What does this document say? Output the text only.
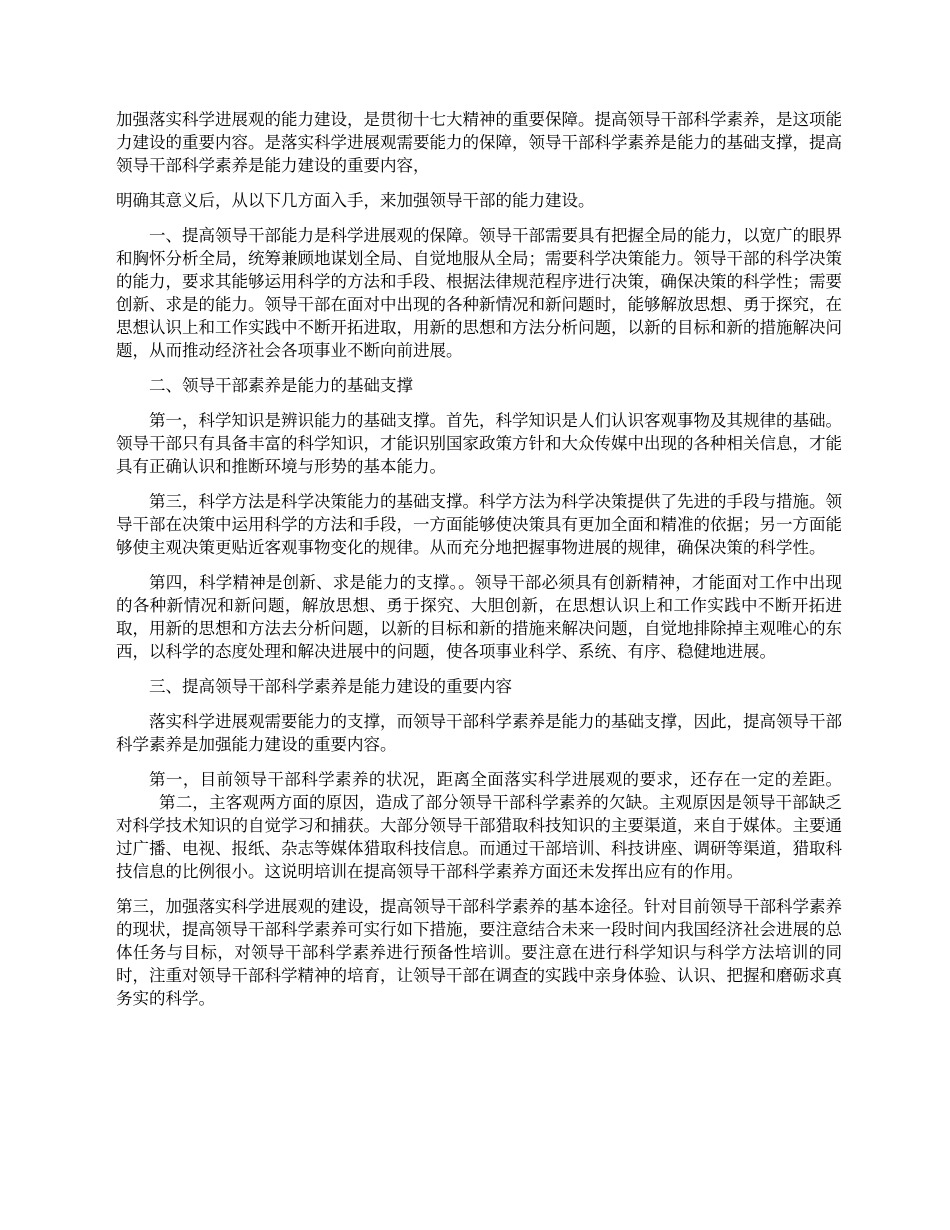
加强落实科学进展观的能力建设，是贯彻十七大精神的重要保障。提高领导干部科学素养，是这项能力建设的重要内容。是落实科学进展观需要能力的保障，领导干部科学素养是能力的基础支撑，提高领导干部科学素养是能力建设的重要内容，

明确其意义后，从以下几方面入手，来加强领导干部的能力建设。

一、提高领导干部能力是科学进展观的保障。领导干部需要具有把握全局的能力，以宽广的眼界和胸怀分析全局，统筹兼顾地谋划全局、自觉地服从全局；需要科学决策能力。领导干部的科学决策的能力，要求其能够运用科学的方法和手段、根据法律规范程序进行决策，确保决策的科学性；需要创新、求是的能力。领导干部在面对中出现的各种新情况和新问题时，能够解放思想、勇于探究，在思想认识上和工作实践中不断开拓进取，用新的思想和方法分析问题，以新的目标和新的措施解决问题，从而推动经济社会各项事业不断向前进展。

二、领导干部素养是能力的基础支撑

第一，科学知识是辨识能力的基础支撑。首先，科学知识是人们认识客观事物及其规律的基础。领导干部只有具备丰富的科学知识，才能识别国家政策方针和大众传媒中出现的各种相关信息，才能具有正确认识和推断环境与形势的基本能力。

第三，科学方法是科学决策能力的基础支撑。科学方法为科学决策提供了先进的手段与措施。领导干部在决策中运用科学的方法和手段，一方面能够使决策具有更加全面和精准的依据；另一方面能够使主观决策更贴近客观事物变化的规律。从而充分地把握事物进展的规律，确保决策的科学性。

第四，科学精神是创新、求是能力的支撑。。领导干部必须具有创新精神，才能面对工作中出现的各种新情况和新问题，解放思想、勇于探究、大胆创新，在思想认识上和工作实践中不断开拓进取，用新的思想和方法去分析问题，以新的目标和新的措施来解决问题，自觉地排除掉主观唯心的东西，以科学的态度处理和解决进展中的问题，使各项事业科学、系统、有序、稳健地进展。

三、提高领导干部科学素养是能力建设的重要内容

落实科学进展观需要能力的支撑，而领导干部科学素养是能力的基础支撑，因此，提高领导干部科学素养是加强能力建设的重要内容。

第一，目前领导干部科学素养的状况，距离全面落实科学进展观的要求，还存在一定的差距。第二，主客观两方面的原因，造成了部分领导干部科学素养的欠缺。主观原因是领导干部缺乏对科学技术知识的自觉学习和捕获。大部分领导干部猎取科技知识的主要渠道，来自于媒体。主要通过广播、电视、报纸、杂志等媒体猎取科技信息。而通过干部培训、科技讲座、调研等渠道，猎取科技信息的比例很小。这说明培训在提高领导干部科学素养方面还未发挥出应有的作用。

第三，加强落实科学进展观的建设，提高领导干部科学素养的基本途径。针对目前领导干部科学素养的现状，提高领导干部科学素养可实行如下措施，要注意结合未来一段时间内我国经济社会进展的总体任务与目标，对领导干部科学素养进行预备性培训。要注意在进行科学知识与科学方法培训的同时，注重对领导干部科学精神的培育，让领导干部在调查的实践中亲身体验、认识、把握和磨砺求真务实的科学。
